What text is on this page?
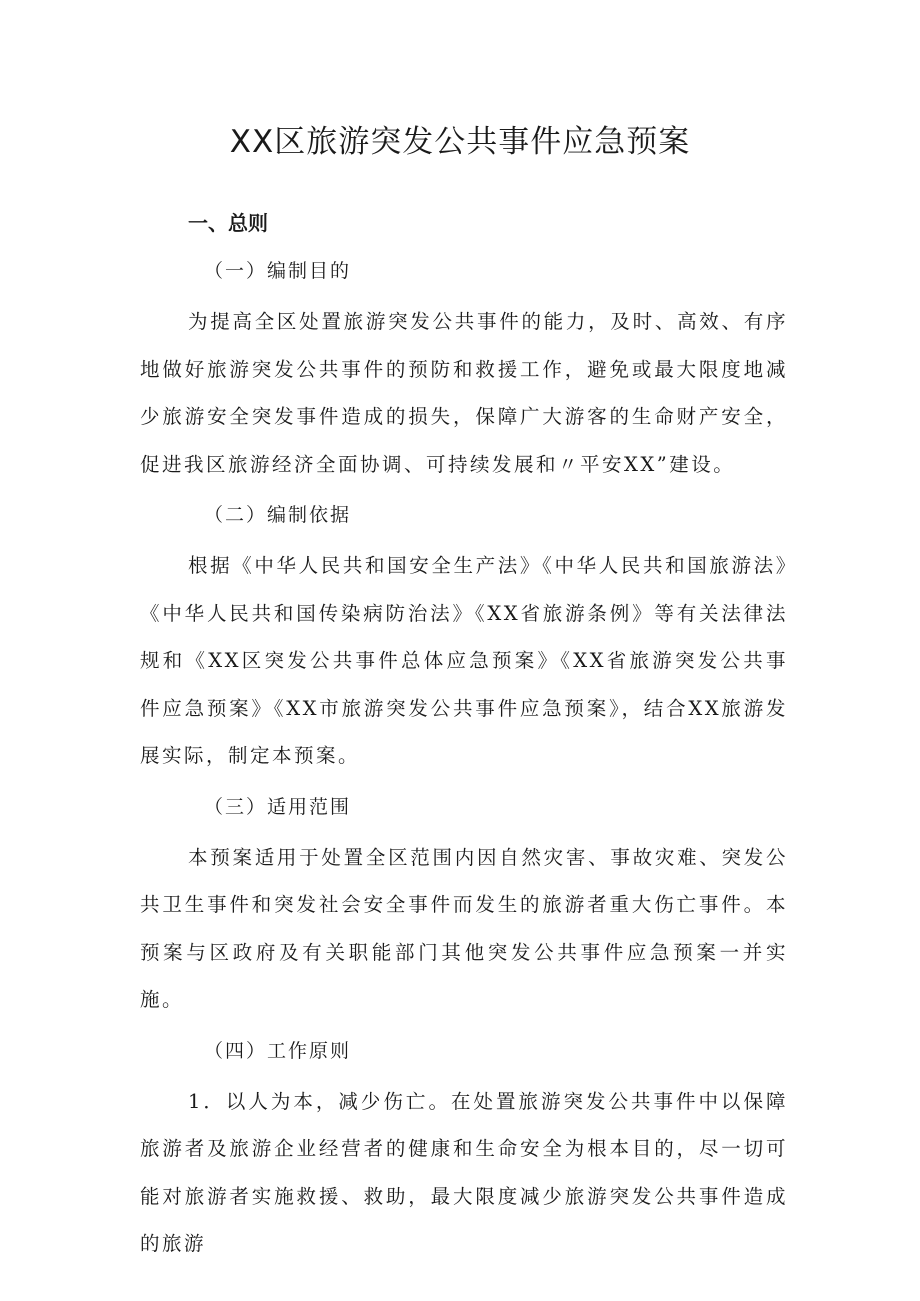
XX区旅游突发公共事件应急预案
一、总则
（一）编制目的

为提高全区处置旅游突发公共事件的能力，及时、高效、有序地做好旅游突发公共事件的预防和救援工作，避免或最大限度地减少旅游安全突发事件造成的损失，保障广大游客的生命财产安全，促进我区旅游经济全面协调、可持续发展和〃平安XX”建设。

（二）编制依据

根据《中华人民共和国安全生产法》《中华人民共和国旅游法》《中华人民共和国传染病防治法》《XX省旅游条例》等有关法律法规和《XX区突发公共事件总体应急预案》《XX省旅游突发公共事件应急预案》《XX市旅游突发公共事件应急预案》，结合XX旅游发展实际，制定本预案。

（三）适用范围

本预案适用于处置全区范围内因自然灾害、事故灾难、突发公共卫生事件和突发社会安全事件而发生的旅游者重大伤亡事件。本预案与区政府及有关职能部门其他突发公共事件应急预案一并实施。

（四）工作原则

1．以人为本，减少伤亡。在处置旅游突发公共事件中以保障旅游者及旅游企业经营者的健康和生命安全为根本目的，尽一切可能对旅游者实施救援、救助，最大限度减少旅游突发公共事件造成的旅游
